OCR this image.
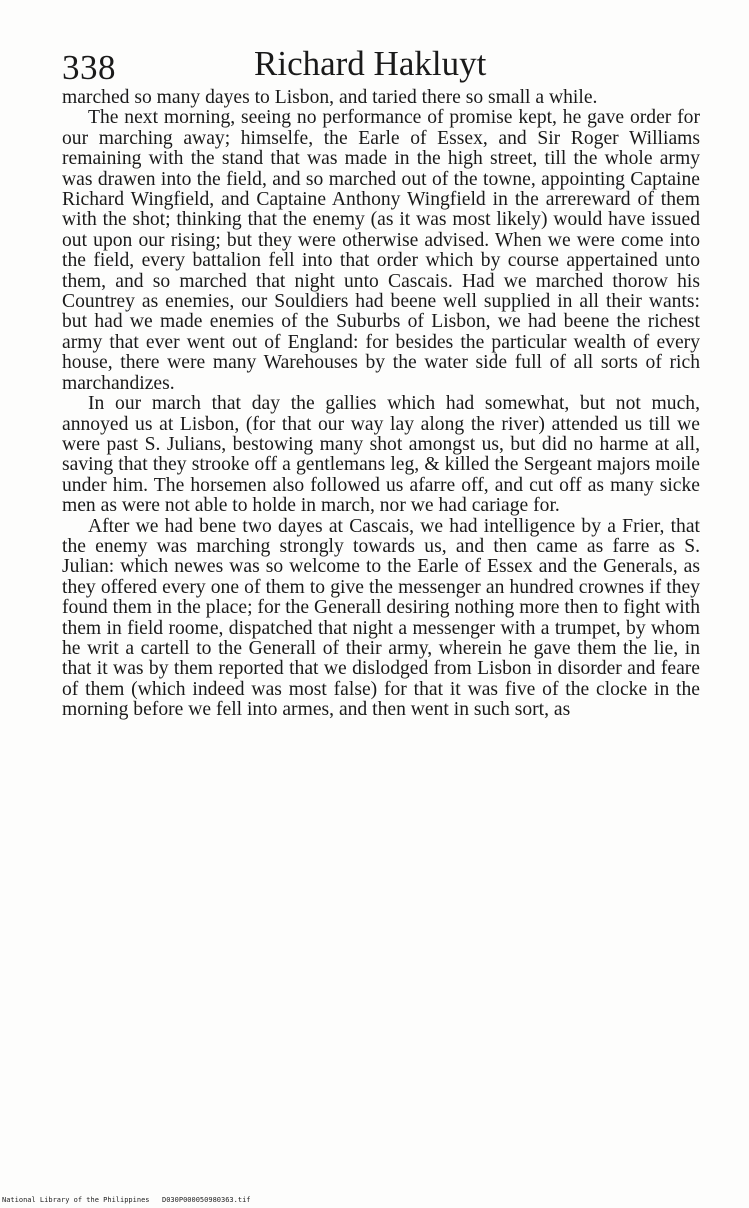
338	Richard Hakluyt

marched so many dayes to Lisbon, and taried there so small a while.

The next morning, seeing no performance of promise kept, he gave order for our marching away; himselfe, the Earle of Essex, and Sir Roger Williams remaining with the stand that was made in the high street, till the whole army was drawen into the field, and so marched out of the towne, appointing Captaine Richard Wingfield, and Captaine Anthony Wingfield in the arrereward of them with the shot; thinking that the enemy (as it was most likely) would have issued out upon our rising; but they were otherwise advised. When we were come into the field, every battalion fell into that order which by course appertained unto them, and so marched that night unto Cascais. Had we marched thorow his Countrey as enemies, our Souldiers had beene well supplied in all their wants: but had we made enemies of the Suburbs of Lisbon, we had beene the richest army that ever went out of England: for besides the particular wealth of every house, there were many Warehouses by the water side full of all sorts of rich marchandizes.

In our march that day the gallies which had somewhat, but not much, annoyed us at Lisbon, (for that our way lay along the river) attended us till we were past S. Julians, bestowing many shot amongst us, but did no harme at all, saving that they strooke off a gentlemans leg, & killed the Sergeant majors moile under him. The horsemen also followed us afarre off, and cut off as many sicke men as were not able to holde in march, nor we had cariage for.

After we had bene two dayes at Cascais, we had intelligence by a Frier, that the enemy was marching strongly towards us, and then came as farre as S. Julian: which newes was so welcome to the Earle of Essex and the Generals, as they offered every one of them to give the messenger an hundred crownes if they found them in the place; for the Generall desiring nothing more then to fight with them in field roome, dispatched that night a messenger with a trumpet, by whom he writ a cartell to the Generall of their army, wherein he gave them the lie, in that it was by them reported that we dislodged from Lisbon in disorder and feare of them (which indeed was most false) for that it was five of the clocke in the morning before we fell into armes, and then went in such sort, as

National Library of the Philippines D030P000050980363.tif
